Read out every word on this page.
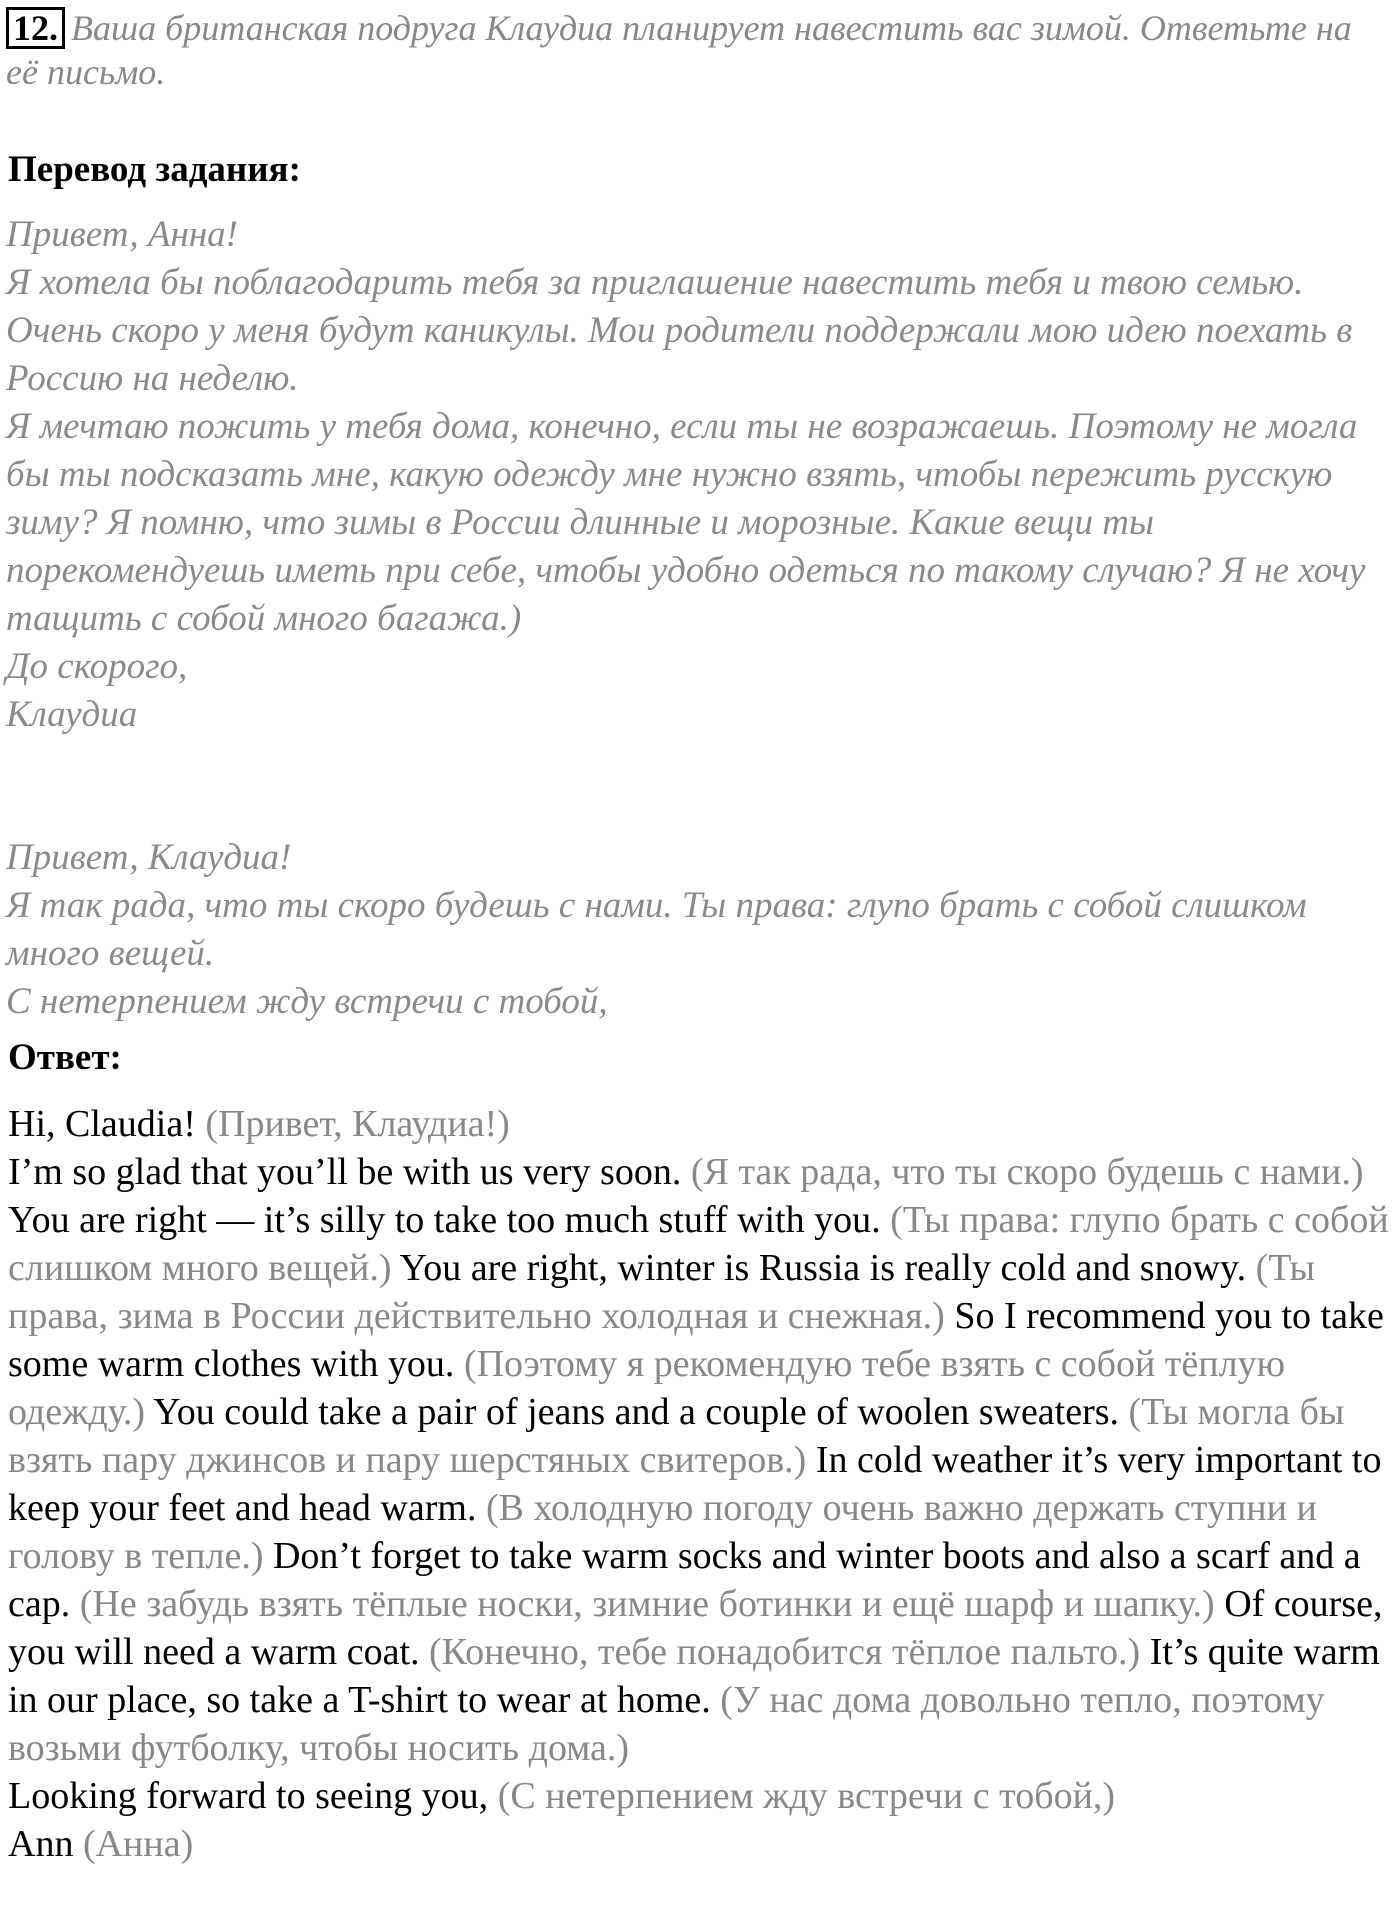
12. Ваша британская подруга Клаудиа планирует навестить вас зимой. Ответьте на её письмо.
Перевод задания:
Привет, Анна!
Я хотела бы поблагодарить тебя за приглашение навестить тебя и твою семью. Очень скоро у меня будут каникулы. Мои родители поддержали мою идею поехать в Россию на неделю.
Я мечтаю пожить у тебя дома, конечно, если ты не возражаешь. Поэтому не могла бы ты подсказать мне, какую одежду мне нужно взять, чтобы пережить русскую зиму? Я помню, что зимы в России длинные и морозные. Какие вещи ты порекомендуешь иметь при себе, чтобы удобно одеться по такому случаю? Я не хочу тащить с собой много багажа.)
До скорого,
Клаудиа
Привет, Клаудиа!
Я так рада, что ты скоро будешь с нами. Ты права: глупо брать с собой слишком много вещей.
С нетерпением жду встречи с тобой,
Ответ:
Hi, Claudia! (Привет, Клаудиа!)
I’m so glad that you’ll be with us very soon. (Я так рада, что ты скоро будешь с нами.) You are right — it’s silly to take too much stuff with you. (Ты права: глупо брать с собой слишком много вещей.) You are right, winter is Russia is really cold and snowy. (Ты права, зима в России действительно холодная и снежная.) So I recommend you to take some warm clothes with you. (Поэтому я рекомендую тебе взять с собой тёплую одежду.) You could take a pair of jeans and a couple of woolen sweaters. (Ты могла бы взять пару джинсов и пару шерстяных свитеров.) In cold weather it’s very important to keep your feet and head warm. (В холодную погоду очень важно держать ступни и голову в тепле.) Don’t forget to take warm socks and winter boots and also a scarf and a cap. (Не забудь взять тёплые носки, зимние ботинки и ещё шарф и шапку.) Of course, you will need a warm coat. (Конечно, тебе понадобится тёплое пальто.) It’s quite warm in our place, so take a T-shirt to wear at home. (У нас дома довольно тепло, поэтому возьми футболку, чтобы носить дома.)
Looking forward to seeing you, (С нетерпением жду встречи с тобой,)
Ann (Анна)
